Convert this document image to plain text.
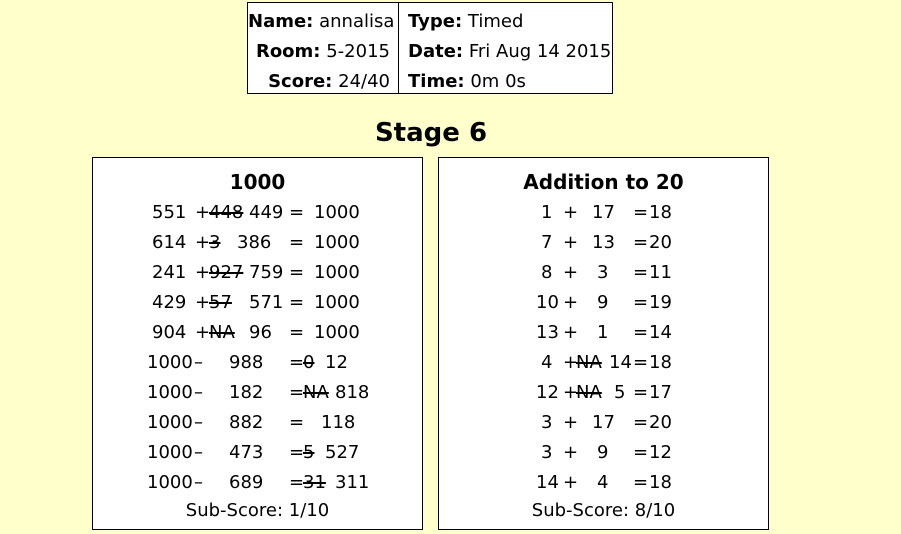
Name: annalisa
Room: 5-2015
Score: 24/40
Type: Timed
Date: Fri Aug 14 2015
Time: 0m 0s
Stage 6
1000
551 +
448 449 = 1000
614 +
3 386 = 1000
241 +
927 759 = 1000
429 +
57 571 = 1000
904 +
NA 96 = 1000
1000 – 988 =
0 12
1000 – 182 =
NA 818
1000 – 882 = 118
1000 – 473 =
5 527
1000 – 689 =
31 311
Sub-Score: 1/10
Addition to 20
1 + 17 = 18
7 + 13 = 20
8 + 3 = 11
10 + 9 = 19
13 + 1 = 14
4 +
NA 14 = 18
12 +
NA 5 = 17
3 + 17 = 20
3 + 9 = 12
14 + 4 = 18
Sub-Score: 8/10
